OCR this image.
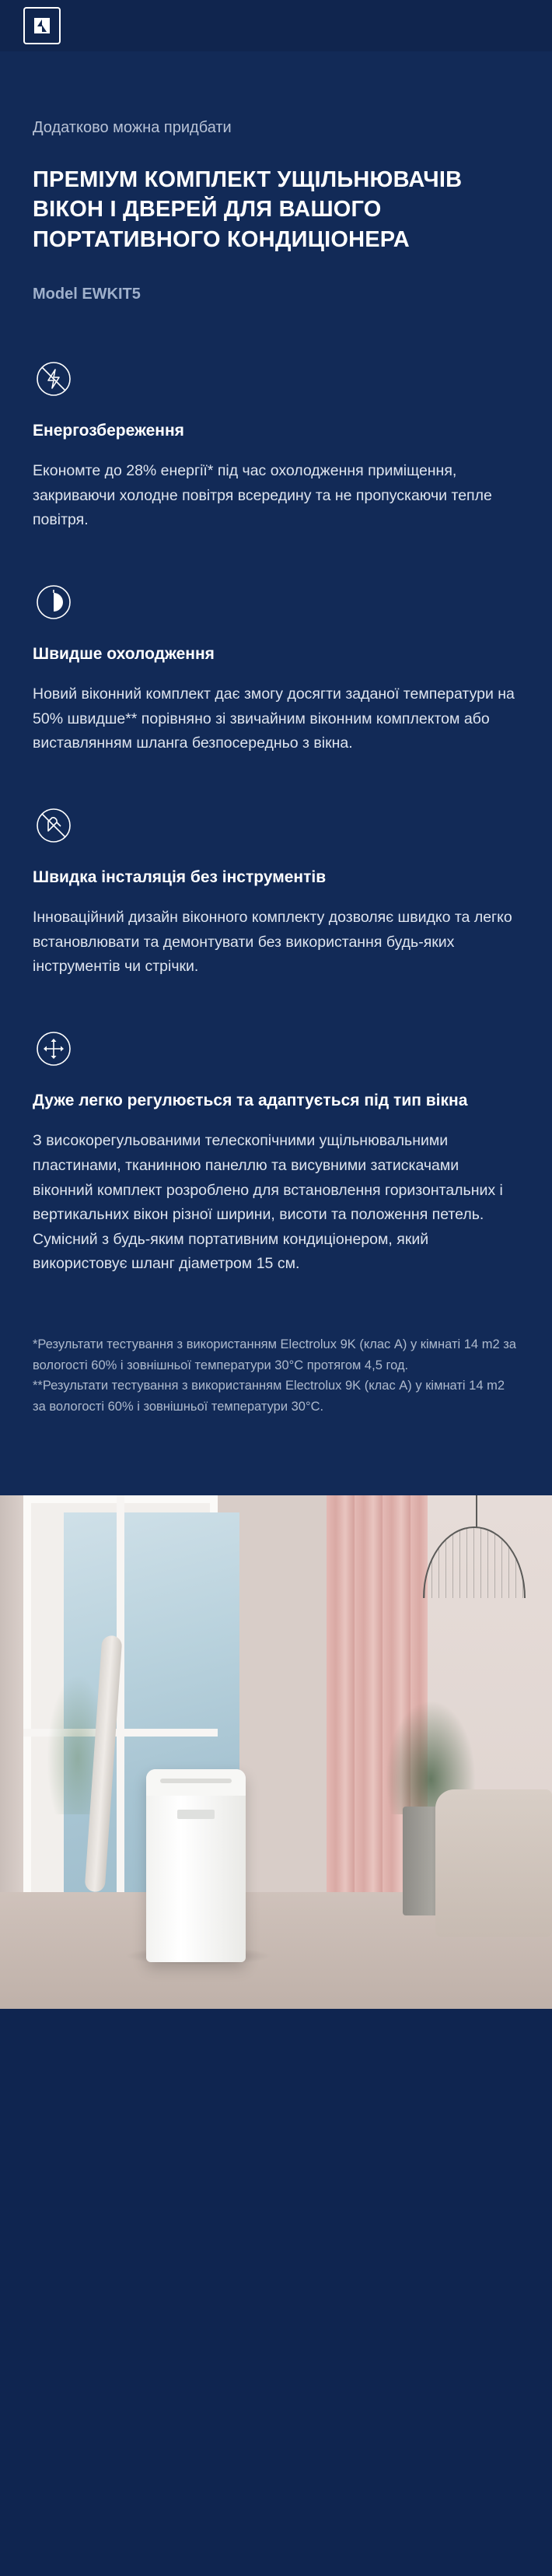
Додатково можна придбати

ПРЕМІУМ КОМПЛЕКТ УЩІЛЬНЮВАЧІВ ВІКОН І ДВЕРЕЙ ДЛЯ ВАШОГО ПОРТАТИВНОГО КОНДИЦІОНЕРА

Model EWKIT5

Енергозбереження

Економте до 28% енергії* під час охолодження приміщення, закриваючи холодне повітря всередину та не пропускаючи тепле повітря.

Швидше охолодження

Новий віконний комплект дає змогу досягти заданої температури на 50% швидше** порівняно зі звичайним віконним комплектом або виставлянням шланга безпосередньо з вікна.

Швидка інсталяція без інструментів

Інноваційний дизайн віконного комплекту дозволяє швидко та легко встановлювати та демонтувати без використання будь-яких інструментів чи стрічки.

Дуже легко регулюється та адаптується під тип вікна

З високорегульованими телескопічними ущільнювальними пластинами, тканинною панеллю та висувними затискачами віконний комплект розроблено для встановлення горизонтальних і вертикальних вікон різної ширини, висоти та положення петель. Сумісний з будь-яким портативним кондиціонером, який використовує шланг діаметром 15 см.

*Результати тестування з використанням Electrolux 9K (клас A) у кімнаті 14 m2 за вологості 60% і зовнішньої температури 30°C протягом 4,5 год.

**Результати тестування з використанням Electrolux 9K (клас A) у кімнаті 14 m2 за вологості 60% і зовнішньої температури 30°C.
